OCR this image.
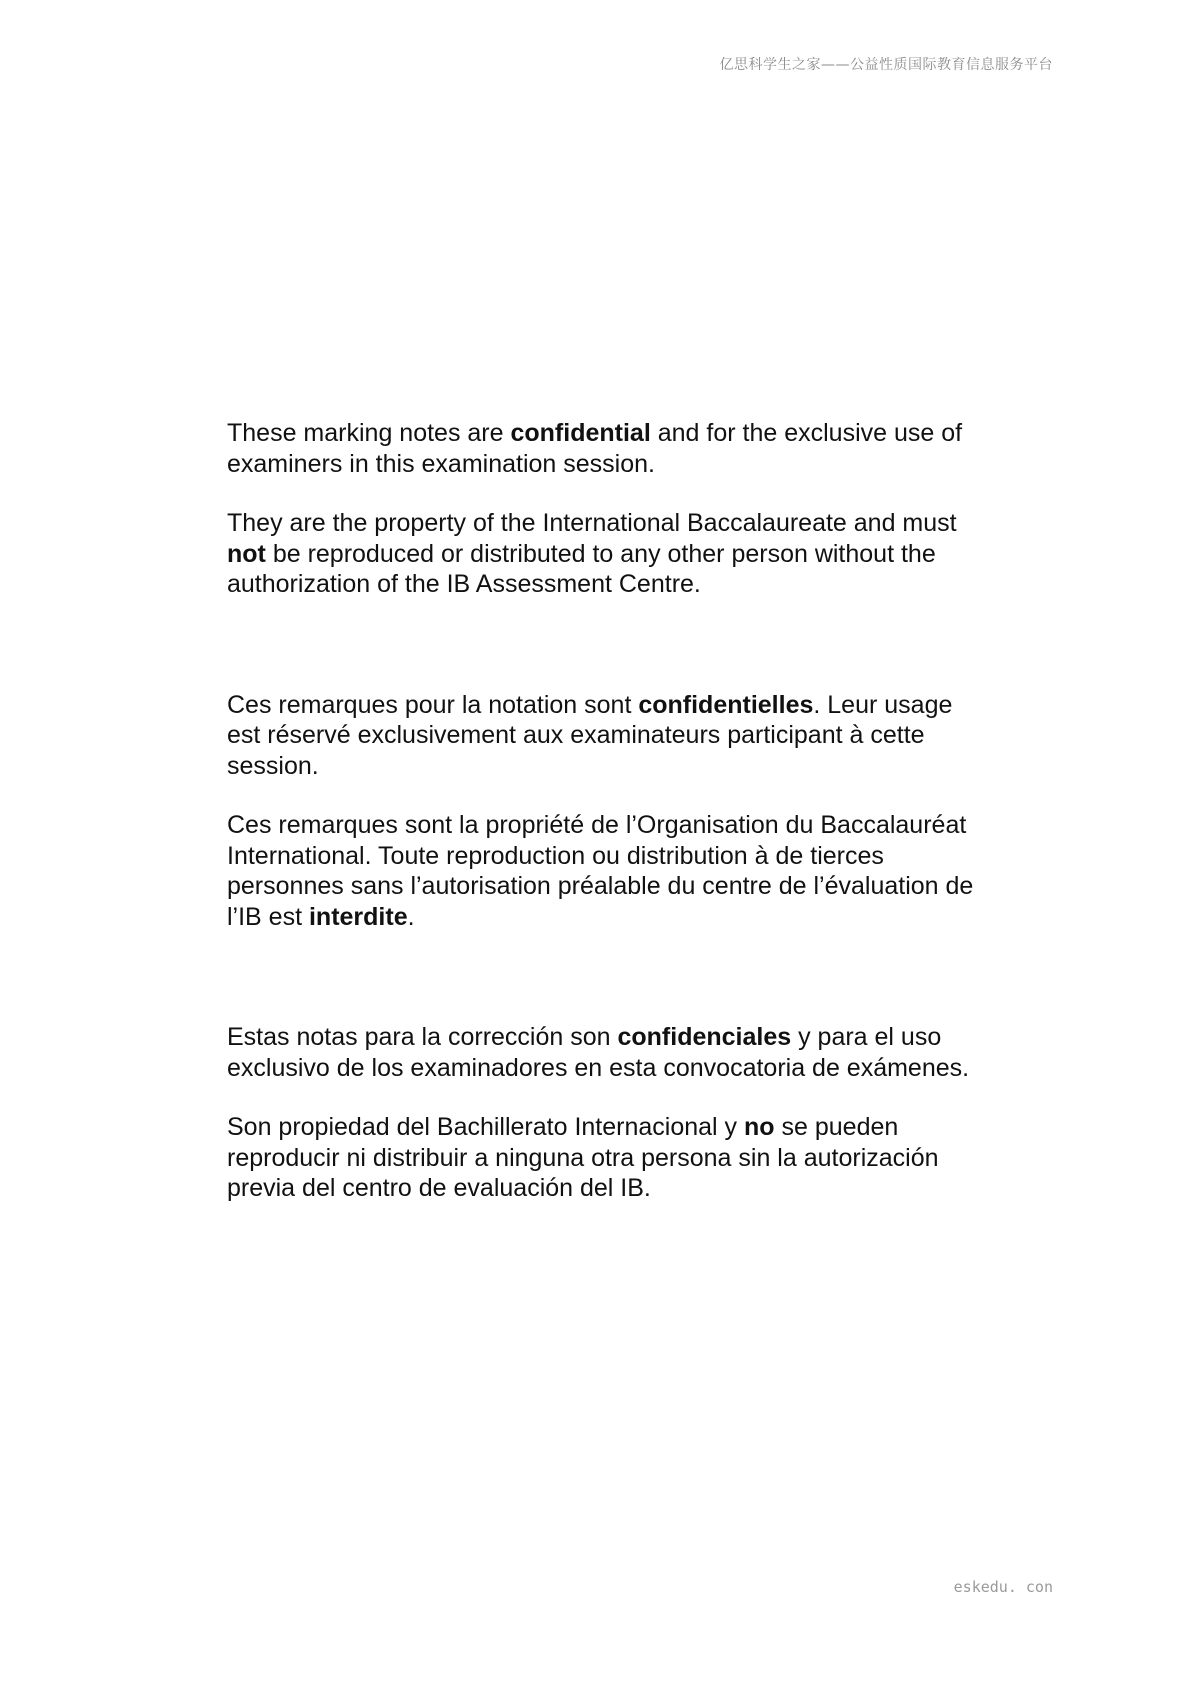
亿思科学生之家——公益性质国际教育信息服务平台

These marking notes are confidential and for the exclusive use of examiners in this examination session.

They are the property of the International Baccalaureate and must not be reproduced or distributed to any other person without the authorization of the IB Assessment Centre.

Ces remarques pour la notation sont confidentielles. Leur usage est réservé exclusivement aux examinateurs participant à cette session.

Ces remarques sont la propriété de l’Organisation du Baccalauréat International. Toute reproduction ou distribution à de tierces personnes sans l’autorisation préalable du centre de l’évaluation de l’IB est interdite.

Estas notas para la corrección son confidenciales y para el uso exclusivo de los examinadores en esta convocatoria de exámenes.

Son propiedad del Bachillerato Internacional y no se pueden reproducir ni distribuir a ninguna otra persona sin la autorización previa del centro de evaluación del IB.

eskedu. con
